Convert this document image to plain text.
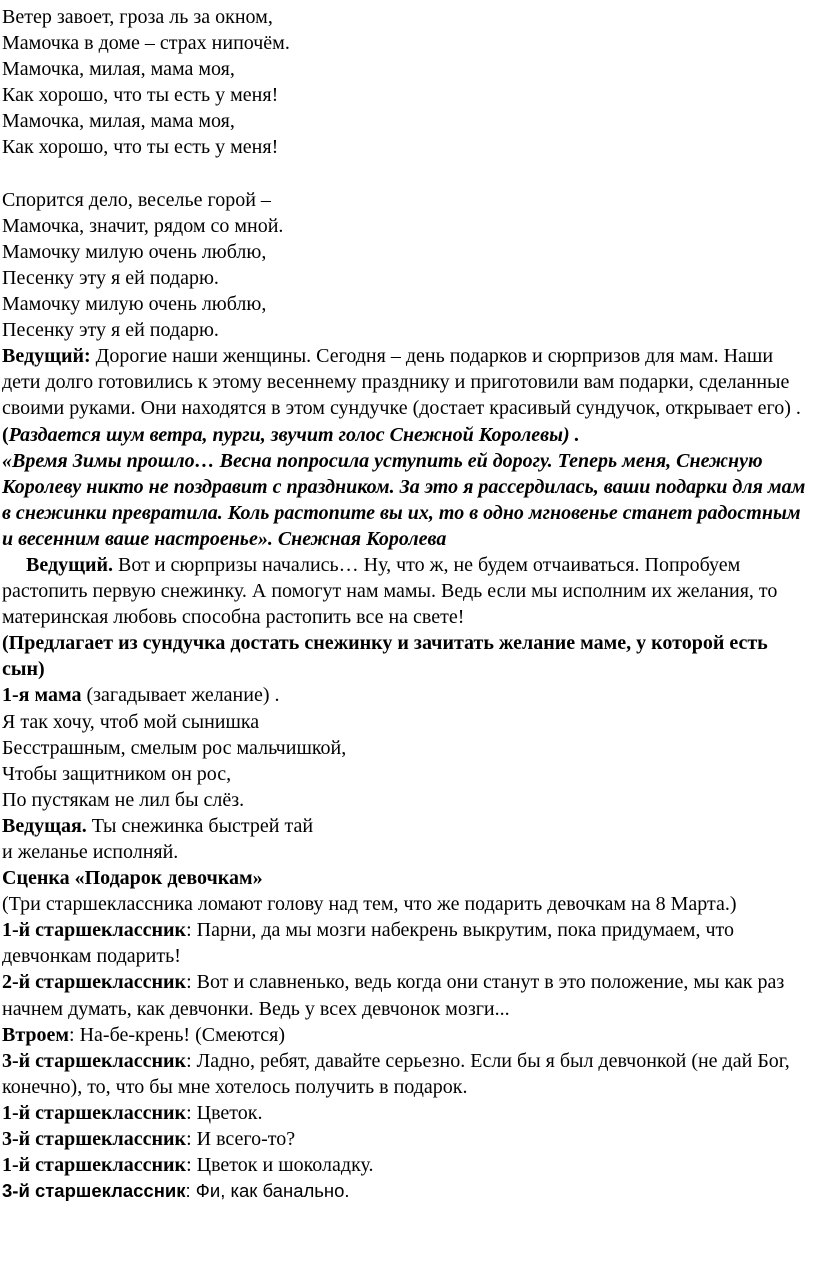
Ветер завоет, гроза ль за окном,
Мамочка в доме – страх нипочём.
Мамочка, милая, мама моя,
Как хорошо, что ты есть у меня!
Мамочка, милая, мама моя,
Как хорошо, что ты есть у меня!
Спорится дело, веселье горой –
Мамочка, значит, рядом со мной.
Мамочку милую очень люблю,
Песенку эту я ей подарю.
Мамочку милую очень люблю,
Песенку эту я ей подарю.
Ведущий: Дорогие наши женщины. Сегодня – день подарков и сюрпризов для мам. Наши дети долго готовились к этому весеннему празднику и приготовили вам подарки, сделанные своими руками. Они находятся в этом сундучке (достает красивый сундучок, открывает его) .
(Раздается шум ветра, пурги, звучит голос Снежной Королевы) .
«Время Зимы прошло… Весна попросила уступить ей дорогу. Теперь меня, Снежную Королеву никто не поздравит с праздником. За это я рассердилась, ваши подарки для мам в снежинки превратила. Коль растопите вы их, то в одно мгновенье станет радостным и весенним ваше настроенье». Снежная Королева
Ведущий. Вот и сюрпризы начались… Ну, что ж, не будем отчаиваться. Попробуем растопить первую снежинку. А помогут нам мамы. Ведь если мы исполним их желания, то материнская любовь способна растопить все на свете!
(Предлагает из сундучка достать снежинку и зачитать желание маме, у которой есть сын)
1-я мама (загадывает желание) .
Я так хочу, чтоб мой сынишка
Бесстрашным, смелым рос мальчишкой,
Чтобы защитником он рос,
По пустякам не лил бы слёз.
Ведущая. Ты снежинка быстрей тай
и желанье исполняй.
Сценка «Подарок девочкам»
(Три старшеклассника ломают голову над тем, что же подарить девочкам на 8 Марта.)
1-й старшеклассник: Парни, да мы мозги набекрень выкрутим, пока придумаем, что девчонкам подарить!
2-й старшеклассник: Вот и славненько, ведь когда они станут в это положение, мы как раз начнем думать, как девчонки. Ведь у всех девчонок мозги...
Втроем: На-бе-крень! (Смеются)
3-й старшеклассник: Ладно, ребят, давайте серьезно. Если бы я был девчонкой (не дай Бог, конечно), то, что бы мне хотелось получить в подарок.
1-й старшеклассник: Цветок.
3-й старшеклассник: И всего-то?
1-й старшеклассник: Цветок и шоколадку.
3-й старшеклассник: Фи, как банально.
